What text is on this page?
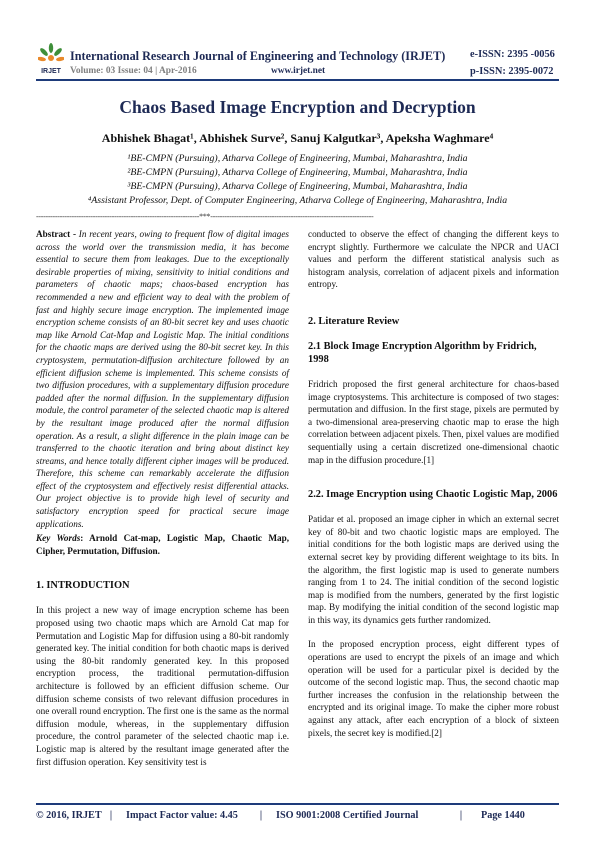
IRJET
International Research Journal of Engineering and Technology (IRJET) e-ISSN: 2395 -0056
Volume: 03 Issue: 04 | Apr-2016	www.irjet.net	p-ISSN: 2395-0072
Chaos Based Image Encryption and Decryption
Abhishek Bhagat¹, Abhishek Surve², Sanuj Kalgutkar³, Apeksha Waghmare⁴
¹BE-CMPN (Pursuing), Atharva College of Engineering, Mumbai, Maharashtra, India
²BE-CMPN (Pursuing), Atharva College of Engineering, Mumbai, Maharashtra, India
³BE-CMPN (Pursuing), Atharva College of Engineering, Mumbai, Maharashtra, India
⁴Assistant Professor, Dept. of Computer Engineering, Atharva College of Engineering, Maharashtra, India
---------------------------------------------------------------------***---------------------------------------------------------------------

Abstract - In recent years, owing to frequent flow of digital images across the world over the transmission media, it has become essential to secure them from leakages. Due to the exceptionally desirable properties of mixing, sensitivity to initial conditions and parameters of chaotic maps; chaos-based encryption has recommended a new and efficient way to deal with the problem of fast and highly secure image encryption. The implemented image encryption scheme consists of an 80-bit secret key and uses chaotic map like Arnold Cat-Map and Logistic Map. The initial conditions for the chaotic maps are derived using the 80-bit secret key. In this cryptosystem, permutation-diffusion architecture followed by an efficient diffusion scheme is implemented. This scheme consists of two diffusion procedures, with a supplementary diffusion procedure padded after the normal diffusion. In the supplementary diffusion module, the control parameter of the selected chaotic map is altered by the resultant image produced after the normal diffusion operation. As a result, a slight difference in the plain image can be transferred to the chaotic iteration and bring about distinct key streams, and hence totally different cipher images will be produced. Therefore, this scheme can remarkably accelerate the diffusion effect of the cryptosystem and effectively resist differential attacks. Our project objective is to provide high level of security and satisfactory encryption speed for practical secure image applications.

Key Words: Arnold Cat-map, Logistic Map, Chaotic Map, Cipher, Permutation, Diffusion.

1. INTRODUCTION

In this project a new way of image encryption scheme has been proposed using two chaotic maps which are Arnold Cat map for Permutation and Logistic Map for diffusion using a 80-bit randomly generated key. The initial condition for both chaotic maps is derived using the 80-bit randomly generated key. In this proposed encryption process, the traditional permutation-diffusion architecture is followed by an efficient diffusion scheme. Our diffusion scheme consists of two relevant diffusion procedures in one overall round encryption. The first one is the same as the normal diffusion module, whereas, in the supplementary diffusion procedure, the control parameter of the selected chaotic map i.e. Logistic map is altered by the resultant image generated after the first diffusion operation. Key sensitivity test is

conducted to observe the effect of changing the different keys to encrypt slightly. Furthermore we calculate the NPCR and UACI values and perform the different statistical analysis such as histogram analysis, correlation of adjacent pixels and information entropy.

2. Literature Review
2.1 Block Image Encryption Algorithm by Fridrich, 1998

Fridrich proposed the first general architecture for chaos-based image cryptosystems. This architecture is composed of two stages: permutation and diffusion. In the first stage, pixels are permuted by a two-dimensional area-preserving chaotic map to erase the high correlation between adjacent pixels. Then, pixel values are modified sequentially using a certain discretized one-dimensional chaotic map in the diffusion procedure.[1]

2.2. Image Encryption using Chaotic Logistic Map, 2006

Patidar et al. proposed an image cipher in which an external secret key of 80-bit and two chaotic logistic maps are employed. The initial conditions for the both logistic maps are derived using the external secret key by providing different weightage to its bits. In the algorithm, the first logistic map is used to generate numbers ranging from 1 to 24. The initial condition of the second logistic map is modified from the numbers, generated by the first logistic map. By modifying the initial condition of the second logistic map in this way, its dynamics gets further randomized.

In the proposed encryption process, eight different types of operations are used to encrypt the pixels of an image and which operation will be used for a particular pixel is decided by the outcome of the second logistic map. Thus, the second chaotic map further increases the confusion in the relationship between the encrypted and its original image. To make the cipher more robust against any attack, after each encryption of a block of sixteen pixels, the secret key is modified.[2]

© 2016, IRJET |	Impact Factor value: 4.45	|	ISO 9001:2008 Certified Journal	|	Page 1440
